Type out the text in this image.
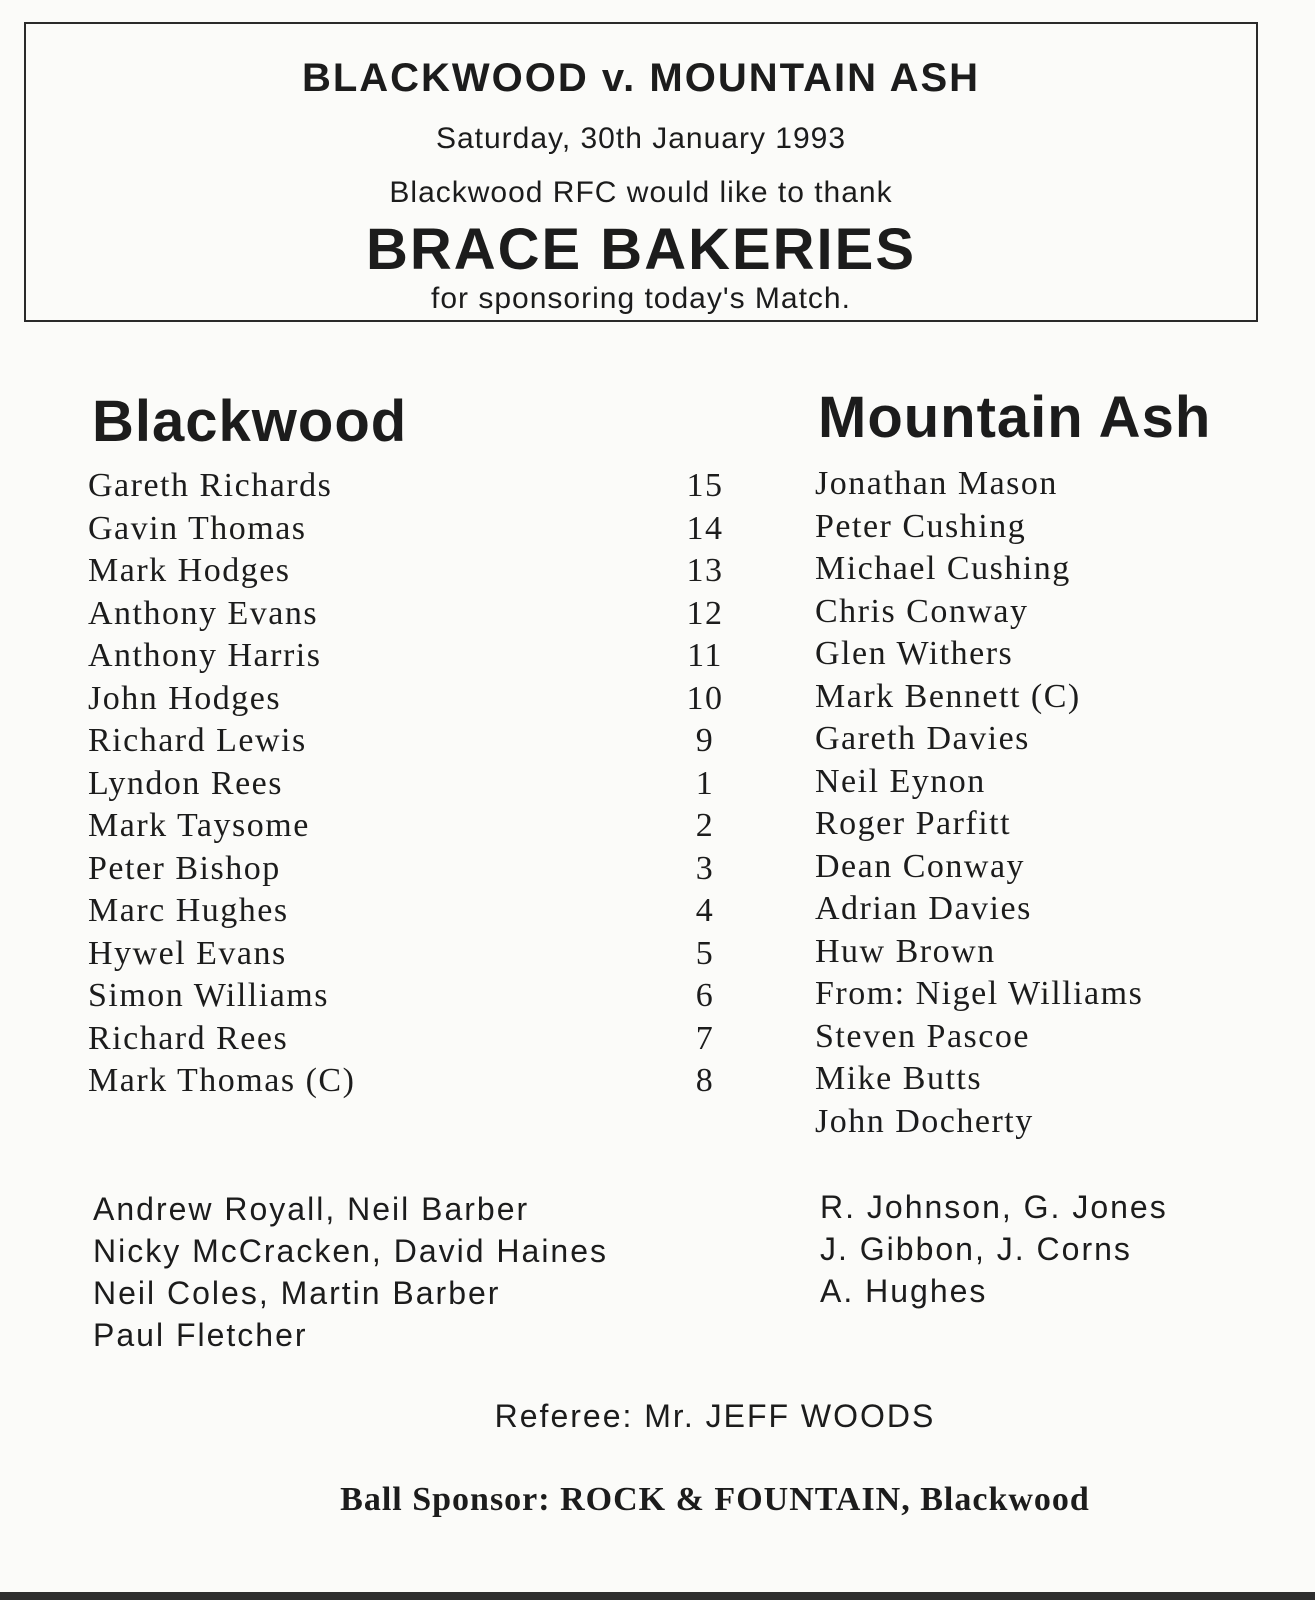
BLACKWOOD v. MOUNTAIN ASH
Saturday, 30th January 1993
Blackwood RFC would like to thank
BRACE BAKERIES
for sponsoring today's Match.
Blackwood	Mountain Ash
Gareth Richards
Gavin Thomas
Mark Hodges
Anthony Evans
Anthony Harris
John Hodges
Richard Lewis
Lyndon Rees
Mark Taysome
Peter Bishop
Marc Hughes
Hywel Evans
Simon Williams
Richard Rees
Mark Thomas (C)
15
14
13
12
11
10
9
1
2
3
4
5
6
7
8
Jonathan Mason
Peter Cushing
Michael Cushing
Chris Conway
Glen Withers
Mark Bennett (C)
Gareth Davies
Neil Eynon
Roger Parfitt
Dean Conway
Adrian Davies
Huw Brown
From: Nigel Williams
Steven Pascoe
Mike Butts
John Docherty
Andrew Royall, Neil Barber
Nicky McCracken, David Haines
Neil Coles, Martin Barber
Paul Fletcher
R. Johnson, G. Jones
J. Gibbon, J. Corns
A. Hughes
Referee: Mr. JEFF WOODS
Ball Sponsor: ROCK & FOUNTAIN, Blackwood
